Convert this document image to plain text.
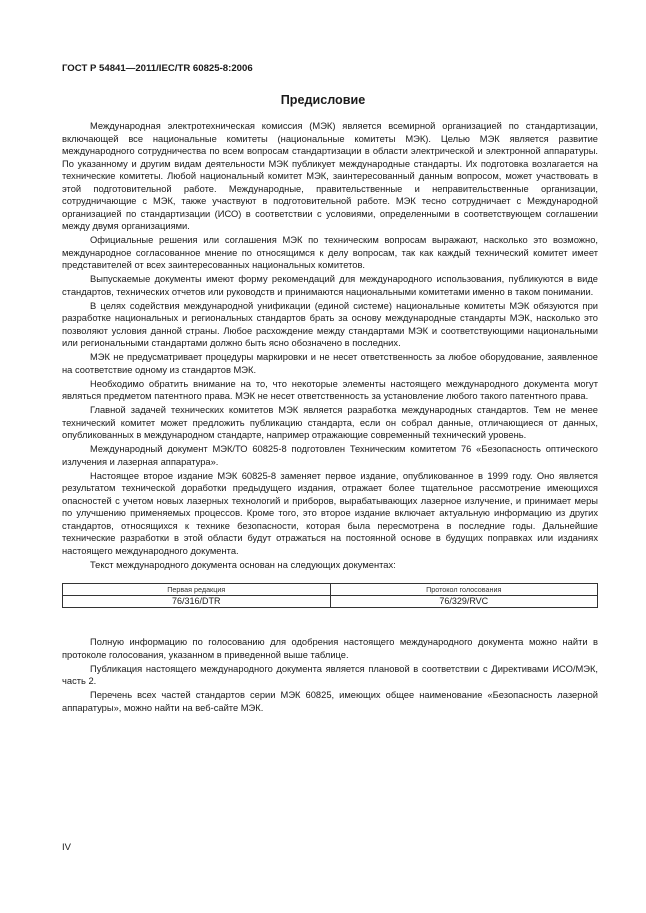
ГОСТ Р 54841—2011/IEC/TR 60825-8:2006
Предисловие

Международная электротехническая комиссия (МЭК) является всемирной организацией по стандартизации, включающей все национальные комитеты (национальные комитеты МЭК). Целью МЭК является развитие международного сотрудничества по всем вопросам стандартизации в области электрической и электронной аппаратуры. По указанному и другим видам деятельности МЭК публикует международные стандарты. Их подготовка возлагается на технические комитеты. Любой национальный комитет МЭК, заинтересованный данным вопросом, может участвовать в этой подготовительной работе. Международные, правительственные и неправительственные организации, сотрудничающие с МЭК, также участвуют в подготовительной работе. МЭК тесно сотрудничает с Международной организацией по стандартизации (ИСО) в соответствии с условиями, определенными в соответствующем соглашении между двумя организациями.

Официальные решения или соглашения МЭК по техническим вопросам выражают, насколько это возможно, международное согласованное мнение по относящимся к делу вопросам, так как каждый технический комитет имеет представителей от всех заинтересованных национальных комитетов.

Выпускаемые документы имеют форму рекомендаций для международного использования, публикуются в виде стандартов, технических отчетов или руководств и принимаются национальными комитетами именно в таком понимании.

В целях содействия международной унификации (единой системе) национальные комитеты МЭК обязуются при разработке национальных и региональных стандартов брать за основу международные стандарты МЭК, насколько это позволяют условия данной страны. Любое расхождение между стандартами МЭК и соответствующими национальными или региональными стандартами должно быть ясно обозначено в последних.

МЭК не предусматривает процедуры маркировки и не несет ответственность за любое оборудование, заявленное на соответствие одному из стандартов МЭК.

Необходимо обратить внимание на то, что некоторые элементы настоящего международного документа могут являться предметом патентного права. МЭК не несет ответственность за установление любого такого патентного права.

Главной задачей технических комитетов МЭК является разработка международных стандартов. Тем не менее технический комитет может предложить публикацию стандарта, если он собрал данные, отличающиеся от данных, опубликованных в международном стандарте, например отражающие современный технический уровень.

Международный документ МЭК/ТО 60825-8 подготовлен Техническим комитетом 76 «Безопасность оптического излучения и лазерная аппаратура».

Настоящее второе издание МЭК 60825-8 заменяет первое издание, опубликованное в 1999 году. Оно является результатом технической доработки предыдущего издания, отражает более тщательное рассмотрение имеющихся опасностей с учетом новых лазерных технологий и приборов, вырабатывающих лазерное излучение, и принимает меры по улучшению применяемых процессов. Кроме того, это второе издание включает актуальную информацию из других стандартов, относящихся к технике безопасности, которая была пересмотрена в последние годы. Дальнейшие технические разработки в этой области будут отражаться на постоянной основе в будущих поправках или изданиях настоящего международного документа.

Текст международного документа основан на следующих документах:

Первая редакция	Протокол голосования
76/316/DTR	76/329/RVC

Полную информацию по голосованию для одобрения настоящего международного документа можно найти в протоколе голосования, указанном в приведенной выше таблице.

Публикация настоящего международного документа является плановой в соответствии с Директивами ИСО/МЭК, часть 2.

Перечень всех частей стандартов серии МЭК 60825, имеющих общее наименование «Безопасность лазерной аппаратуры», можно найти на веб-сайте МЭК.

IV
